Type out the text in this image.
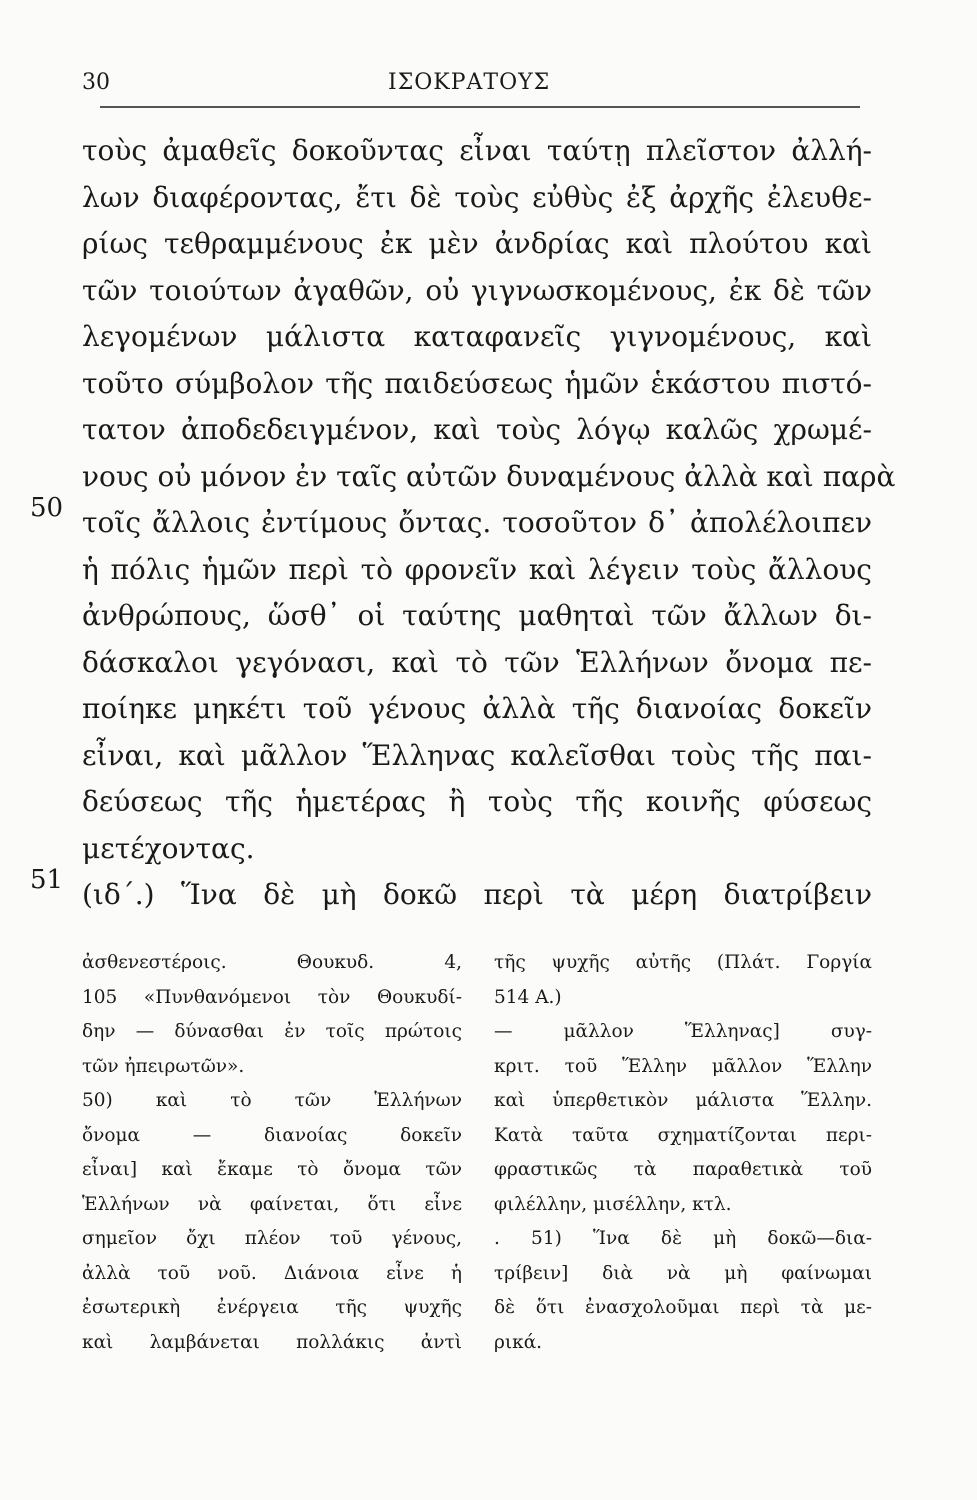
30	ΙΣΟΚΡΑΤΟΥΣ
50
51
τοὺς ἀμαθεῖς δοκοῦντας εἶναι ταύτῃ πλεῖστον ἀλλή-
λων διαφέροντας, ἔτι δὲ τοὺς εὐθὺς ἐξ ἀρχῆς ἐλευθε-
ρίως τεθραμμένους ἐκ μὲν ἀνδρίας καὶ πλούτου καὶ
τῶν τοιούτων ἀγαθῶν, οὐ γιγνωσκομένους, ἐκ δὲ τῶν
λεγομένων μάλιστα καταφανεῖς γιγνομένους, καὶ
τοῦτο σύμβολον τῆς παιδεύσεως ἡμῶν ἑκάστου πιστό-
τατον ἀποδεδειγμένον, καὶ τοὺς λόγῳ καλῶς χρωμέ-
νους οὐ μόνον ἐν ταῖς αὐτῶν δυναμένους ἀλλὰ καὶ παρὰ
τοῖς ἄλλοις ἐντίμους ὄντας. τοσοῦτον δ᾿ ἀπολέλοιπεν
ἡ πόλις ἡμῶν περὶ τὸ φρονεῖν καὶ λέγειν τοὺς ἄλλους
ἀνθρώπους, ὥσθ᾿ οἱ ταύτης μαθηταὶ τῶν ἄλλων δι-
δάσκαλοι γεγόνασι, καὶ τὸ τῶν Ἑλλήνων ὄνομα πε-
ποίηκε μηκέτι τοῦ γένους ἀλλὰ τῆς διανοίας δοκεῖν
εἶναι, καὶ μᾶλλον Ἕλληνας καλεῖσθαι τοὺς τῆς παι-
δεύσεως τῆς ἡμετέρας ἢ τοὺς τῆς κοινῆς φύσεως
μετέχοντας.
(ιδ΄.) Ἵνα δὲ μὴ δοκῶ περὶ τὰ μέρη διατρίβειν
ἀσθενεστέροις. Θουκυδ. 4,
105 «Πυνθανόμενοι τὸν Θουκυδί-
δην — δύνασθαι ἐν τοῖς πρώτοις
τῶν ἠπειρωτῶν».
50) καὶ τὸ τῶν Ἑλλήνων
ὄνομα — διανοίας δοκεῖν
εἶναι] καὶ ἔκαμε τὸ ὄνομα τῶν
Ἑλλήνων νὰ φαίνεται, ὅτι εἶνε
σημεῖον ὄχι πλέον τοῦ γένους,
ἀλλὰ τοῦ νοῦ. Διάνοια εἶνε ἡ
ἐσωτερικὴ ἐνέργεια τῆς ψυχῆς
καὶ λαμβάνεται πολλάκις ἀντὶ
τῆς ψυχῆς αὐτῆς (Πλάτ. Γοργία
514 Α.)
— μᾶλλον Ἕλληνας] συγ-
κριτ. τοῦ Ἕλλην μᾶλλον Ἕλλην
καὶ ὑπερθετικὸν μάλιστα Ἕλλην.
Κατὰ ταῦτα σχηματίζονται περι-
φραστικῶς τὰ παραθετικὰ τοῦ
φιλέλλην, μισέλλην, κτλ.
. 51) Ἵνα δὲ μὴ δοκῶ—δια-
τρίβειν] διὰ νὰ μὴ φαίνωμαι
δὲ ὅτι ἐνασχολοῦμαι περὶ τὰ με-
ρικά.
